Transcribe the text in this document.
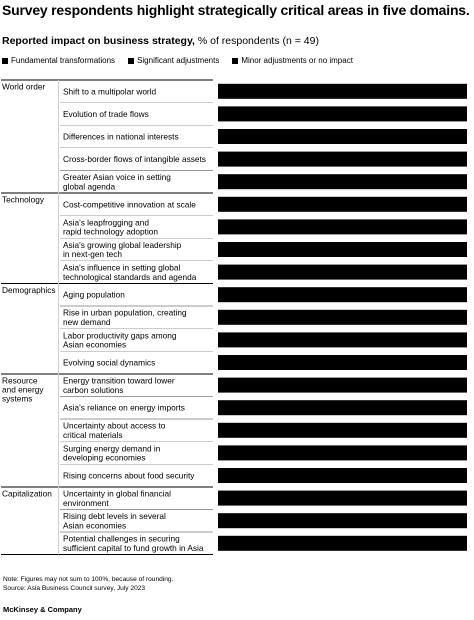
Survey respondents highlight strategically critical areas in five domains.
Reported impact on business strategy, % of respondents (n = 49)
Fundamental transformations	Significant adjustments	Minor adjustments or no impact
World order Shift to a multipolar world
Evolution of trade flows
Differences in national interests
Cross-border flows of intangible assets
Greater Asian voice in setting global agenda
Technology Cost-competitive innovation at scale
Asia's leapfrogging and rapid technology adoption
Asia's growing global leadership in next-gen tech
Asia's influence in setting global technological standards and agenda
Demographics Aging population
Rise in urban population, creating new demand
Labor productivity gaps among Asian economies
Evolving social dynamics
Resource and energy systems
Energy transition toward lower carbon solutions
Asia's reliance on energy imports
Uncertainty about access to critical materials
Surging energy demand in developing economies
Rising concerns about food security
Capitalization Uncertainty in global financial environment
Rising debt levels in several Asian economies
Potential challenges in securing sufficient capital to fund growth in Asia
Note: Figures may not sum to 100%, because of rounding.
Source: Asia Business Council survey, July 2023
McKinsey & Company
